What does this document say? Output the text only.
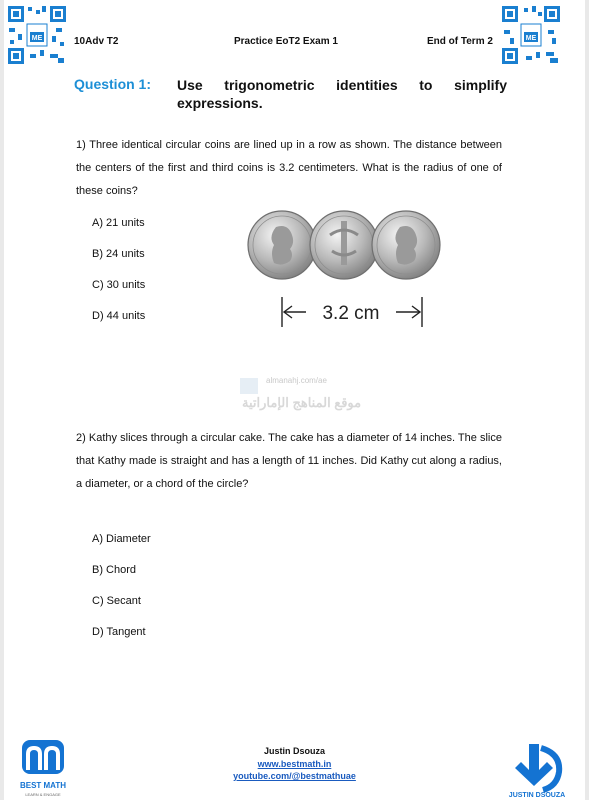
ME	ME
10Adv T2	Practice EoT2 Exam 1	End of Term 2
Question 1: Use trigonometric identities to simplify
expressions.
1) Three identical circular coins are lined up in a row as shown. The distance between the centers of the first and third coins is 3.2 centimeters. What is the radius of one of these coins?
A) 21 units
B) 24 units
C) 30 units
D) 44 units	3.2 cm
almanahj.com/ae
موقع المناهج الإماراتية
2) Kathy slices through a circular cake. The cake has a diameter of 14 inches. The slice that Kathy made is straight and has a length of 11 inches. Did Kathy cut along a radius, a diameter, or a chord of the circle?
A) Diameter
B) Chord
C) Secant
D) Tangent
Justin Dsouza
www.bestmath.in
youtube.com/@bestmathuae
BEST MATH
LEARN & ENGAGE	JUSTIN DSOUZA
